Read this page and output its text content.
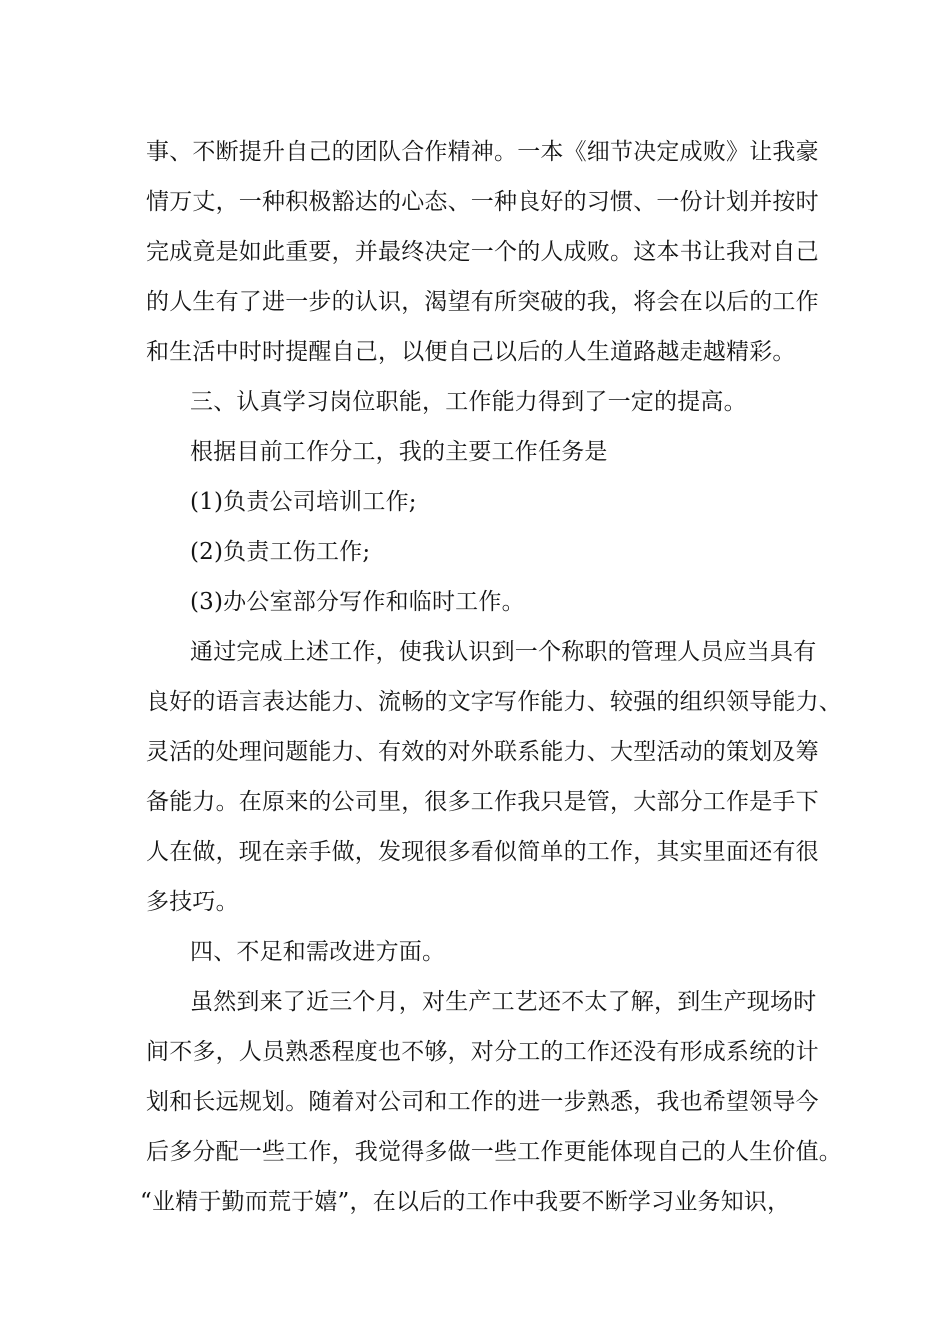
事、不断提升自己的团队合作精神。一本《细节决定成败》让我豪
情万丈，一种积极豁达的心态、一种良好的习惯、一份计划并按时
完成竟是如此重要，并最终决定一个的人成败。这本书让我对自己
的人生有了进一步的认识，渴望有所突破的我，将会在以后的工作
和生活中时时提醒自己，以便自己以后的人生道路越走越精彩。
三、认真学习岗位职能，工作能力得到了一定的提高。
根据目前工作分工，我的主要工作任务是
(1)负责公司培训工作;
(2)负责工伤工作;
(3)办公室部分写作和临时工作。
通过完成上述工作，使我认识到一个称职的管理人员应当具有
良好的语言表达能力、流畅的文字写作能力、较强的组织领导能力、
灵活的处理问题能力、有效的对外联系能力、大型活动的策划及筹
备能力。在原来的公司里，很多工作我只是管，大部分工作是手下
人在做，现在亲手做，发现很多看似简单的工作，其实里面还有很
多技巧。
四、不足和需改进方面。
虽然到来了近三个月，对生产工艺还不太了解，到生产现场时
间不多，人员熟悉程度也不够，对分工的工作还没有形成系统的计
划和长远规划。随着对公司和工作的进一步熟悉，我也希望领导今
后多分配一些工作，我觉得多做一些工作更能体现自己的人生价值。
“业精于勤而荒于嬉”，在以后的工作中我要不断学习业务知识，
